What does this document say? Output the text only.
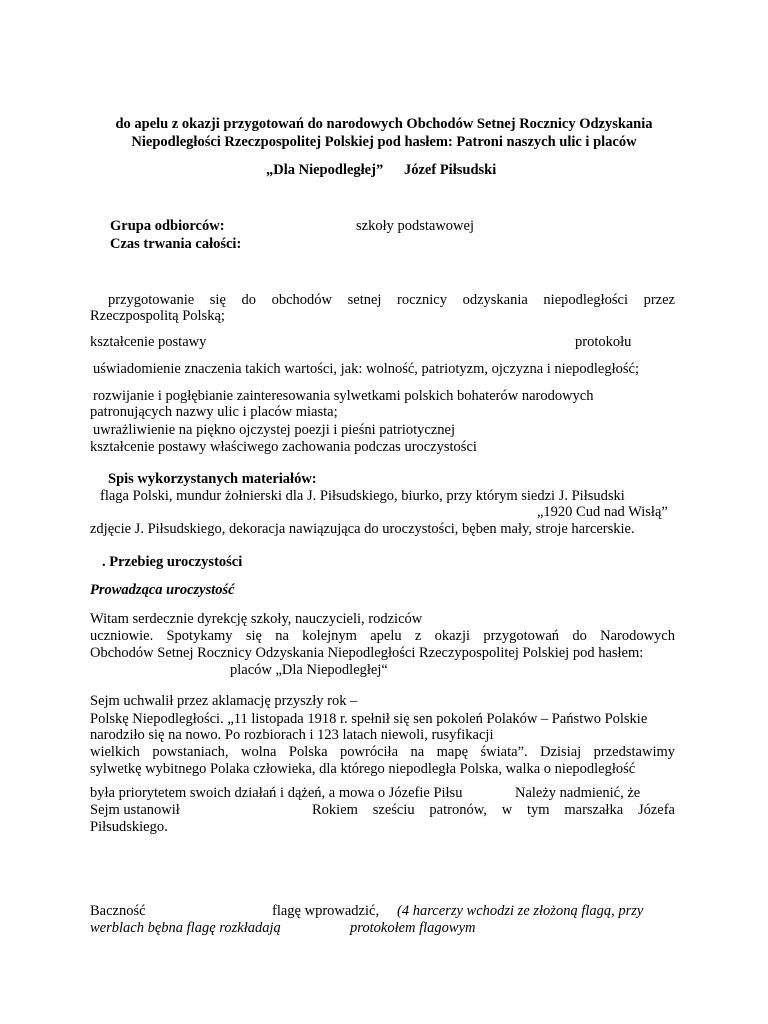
do apelu z okazji przygotowań do narodowych Obchodów Setnej Rocznicy Odzyskania
Niepodległości Rzeczpospolitej Polskiej pod hasłem: Patroni naszych ulic i placów
„Dla Niepodległej” Józef Piłsudski
Grupa odbiorców:	szkoły podstawowej
Czas trwania całości:
przygotowanie się do obchodów setnej rocznicy odzyskania niepodległości przez
Rzeczpospolitą Polską;
kształcenie postawy	protokołu
uświadomienie znaczenia takich wartości, jak: wolność, patriotyzm, ojczyzna i niepodległość;
rozwijanie i pogłębianie zainteresowania sylwetkami polskich bohaterów narodowych
patronujących nazwy ulic i placów miasta;
uwrażliwienie na piękno ojczystej poezji i pieśni patriotycznej
kształcenie postawy właściwego zachowania podczas uroczystości
Spis wykorzystanych materiałów:
flaga Polski, mundur żołnierski dla J. Piłsudskiego, biurko, przy którym siedzi J. Piłsudski
„1920 Cud nad Wisłą”
zdjęcie J. Piłsudskiego, dekoracja nawiązująca do uroczystości, bęben mały, stroje harcerskie.
. Przebieg uroczystości
Prowadząca uroczystość
Witam serdecznie dyrekcję szkoły, nauczycieli, rodziców
uczniowie. Spotykamy się na kolejnym apelu z okazji przygotowań do Narodowych
Obchodów Setnej Rocznicy Odzyskania Niepodległości Rzeczypospolitej Polskiej pod hasłem:
placów „Dla Niepodległej“
Sejm uchwalił przez aklamację przyszły rok –
Polskę Niepodległości. „11 listopada 1918 r. spełnił się sen pokoleń Polaków – Państwo Polskie
narodziło się na nowo. Po rozbiorach i 123 latach niewoli, rusyfikacji
wielkich powstaniach, wolna Polska powróciła na mapę świata”. Dzisiaj przedstawimy
sylwetkę wybitnego Polaka człowieka, dla którego niepodległa Polska, walka o niepodległość
była priorytetem swoich działań i dążeń, a mowa o Józefie Piłsu	Należy nadmienić, że
Sejm ustanowił	Rokiem sześciu patronów, w tym marszałka Józefa
Piłsudskiego.
Baczność	flagę wprowadzić, (4 harcerzy wchodzi ze złożoną flagą, przy
werblach bębna flagę rozkładają	protokołem flagowym
